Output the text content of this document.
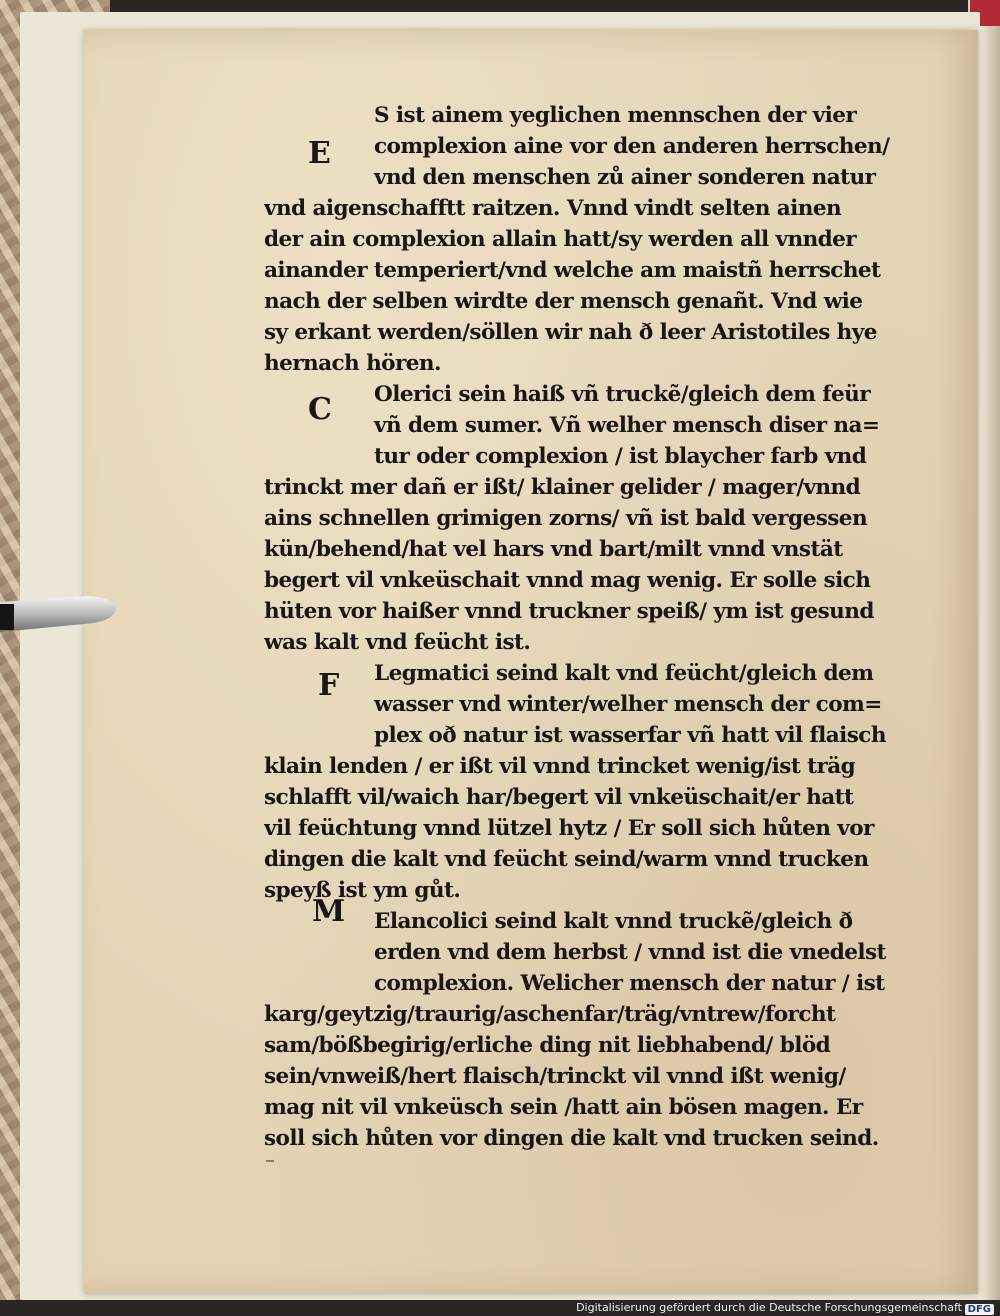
E
C
F
M
S ist ainem yeglichen mennschen der vier
complexion aine vor den anderen herrschen/
vnd den menschen zů ainer sonderen natur
vnd aigenschafftt raitzen. Vnnd vindt selten ainen
der ain complexion allain hatt/sy werden all vnnder
ainander temperiert/vnd welche am maistñ herrschet
nach der selben wirdte der mensch genañt. Vnd wie
sy erkant werden/söllen wir nah ð leer Aristotiles hye
hernach hören.
Olerici sein haiß vñ truckẽ/gleich dem feür
vñ dem sumer. Vñ welher mensch diser na=
tur oder complexion / ist blaycher farb vnd
trinckt mer dañ er ißt/ klainer gelider / mager/vnnd
ains schnellen grimigen zorns/ vñ ist bald vergessen
kün/behend/hat vel hars vnd bart/milt vnnd vnstät
begert vil vnkeüschait vnnd mag wenig. Er solle sich
hüten vor haißer vnnd truckner speiß/ ym ist gesund
was kalt vnd feücht ist.
Legmatici seind kalt vnd feücht/gleich dem
wasser vnd winter/welher mensch der com=
plex oð natur ist wasserfar vñ hatt vil flaisch
klain lenden / er ißt vil vnnd trincket wenig/ist träg
schlafft vil/waich har/begert vil vnkeüschait/er hatt
vil feüchtung vnnd lützel hytz / Er soll sich hůten vor
dingen die kalt vnd feücht seind/warm vnnd trucken
speyß ist ym gůt.
Elancolici seind kalt vnnd truckẽ/gleich ð
erden vnd dem herbst / vnnd ist die vnedelst
complexion. Welicher mensch der natur / ist
karg/geytzig/traurig/aschenfar/träg/vntrew/forcht
sam/bößbegirig/erliche ding nit liebhabend/ blöd
sein/vnweiß/hert flaisch/trinckt vil vnnd ißt wenig/
mag nit vil vnkeüsch sein /hatt ain bösen magen. Er
soll sich hůten vor dingen die kalt vnd trucken seind.
Digitalisierung gefördert durch die Deutsche Forschungsgemeinschaft DFG
